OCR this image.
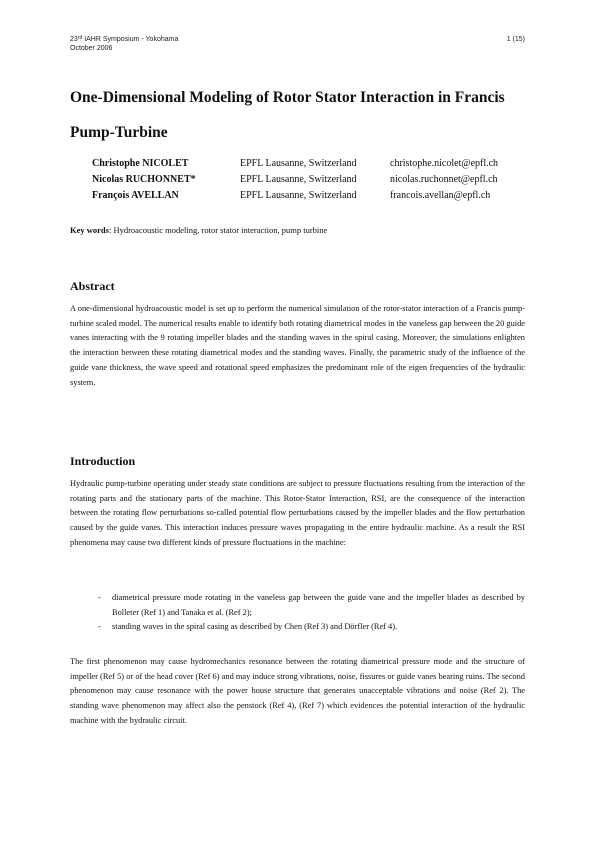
23rd IAHR Symposium - Yokohama
October 2006
1 (15)
One-Dimensional Modeling of Rotor Stator Interaction in Francis Pump-Turbine
Christophe NICOLET	EPFL Lausanne, Switzerland	christophe.nicolet@epfl.ch
Nicolas RUCHONNET*	EPFL Lausanne, Switzerland	nicolas.ruchonnet@epfl.ch
François AVELLAN	EPFL Lausanne, Switzerland	francois.avellan@epfl.ch
Key words: Hydroacoustic modeling, rotor stator interaction, pump turbine
Abstract

A one-dimensional hydroacoustic model is set up to perform the numerical simulation of the rotor-stator interaction of a Francis pump-turbine scaled model. The numerical results enable to identify both rotating diametrical modes in the vaneless gap between the 20 guide vanes interacting with the 9 rotating impeller blades and the standing waves in the spiral casing. Moreover, the simulations enlighten the interaction between these rotating diametrical modes and the standing waves. Finally, the parametric study of the influence of the guide vane thickness, the wave speed and rotational speed emphasizes the predominant role of the eigen frequencies of the hydraulic system.

Introduction

Hydraulic pump-turbine operating under steady state conditions are subject to pressure fluctuations resulting from the interaction of the rotating parts and the stationary parts of the machine. This Rotor-Stator Interaction, RSI, are the consequence of the interaction between the rotating flow perturbations so-called potential flow perturbations caused by the impeller blades and the flow perturbation caused by the guide vanes. This interaction induces pressure waves propagating in the entire hydraulic machine. As a result the RSI phenomena may cause two different kinds of pressure fluctuations in the machine:

- diametrical pressure mode rotating in the vaneless gap between the guide vane and the impeller blades as described by Bolleter (Ref 1) and Tanaka et al. (Ref 2);
- standing waves in the spiral casing as described by Chen (Ref 3) and Dörfler (Ref 4).

The first phenomenon may cause hydromechanics resonance between the rotating diametrical pressure mode and the structure of impeller (Ref 5) or of the head cover (Ref 6) and may induce strong vibrations, noise, fissures or guide vanes bearing ruins. The second phenomenon may cause resonance with the power house structure that generates unacceptable vibrations and noise (Ref 2). The standing wave phenomenon may affect also the penstock (Ref 4), (Ref 7) which evidences the potential interaction of the hydraulic machine with the hydraulic circuit.
